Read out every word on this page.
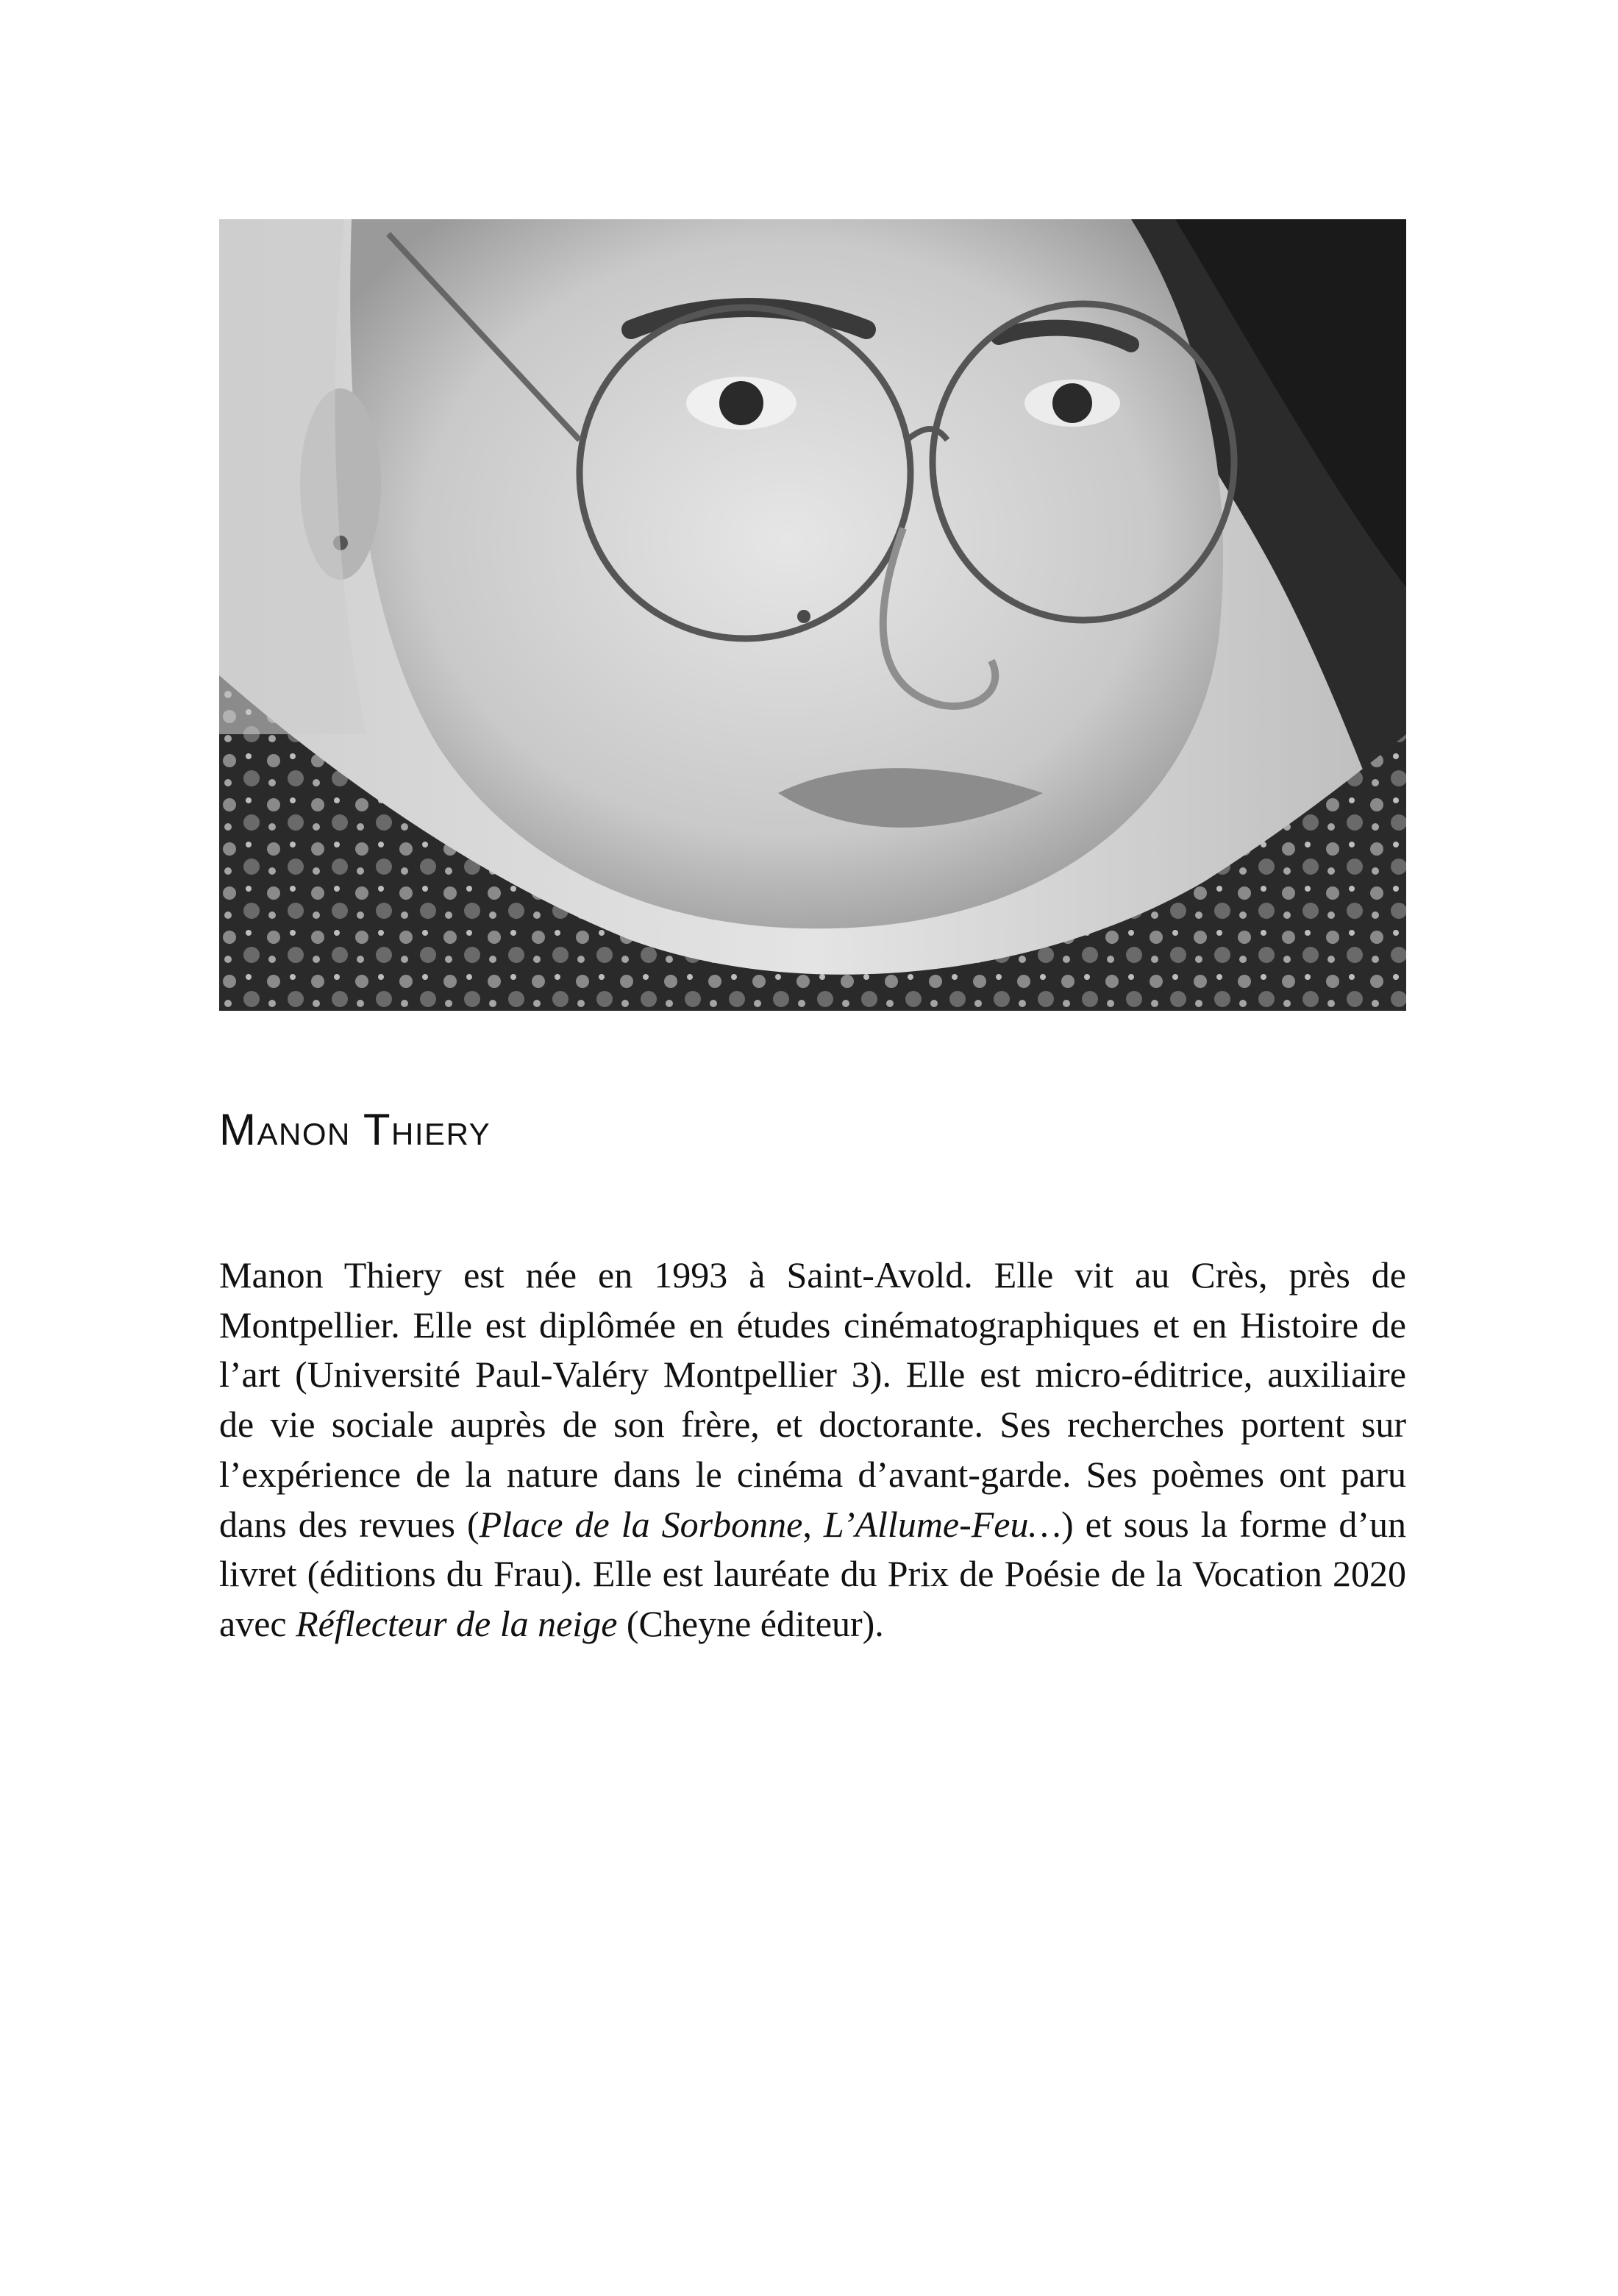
Manon Thiery

Manon Thiery est née en 1993 à Saint-Avold. Elle vit au Crès, près de Montpellier. Elle est diplômée en études cinématographiques et en Histoire de l’art (Université Paul-Valéry Montpellier 3). Elle est micro-éditrice, auxiliaire de vie sociale auprès de son frère, et doctorante. Ses recherches portent sur l’expérience de la nature dans le cinéma d’avant-garde. Ses poèmes ont paru dans des revues (Place de la Sorbonne, L’Allume-Feu…) et sous la forme d’un livret (éditions du Frau). Elle est lauréate du Prix de Poésie de la Vocation 2020 avec Réflecteur de la neige (Cheyne éditeur).
